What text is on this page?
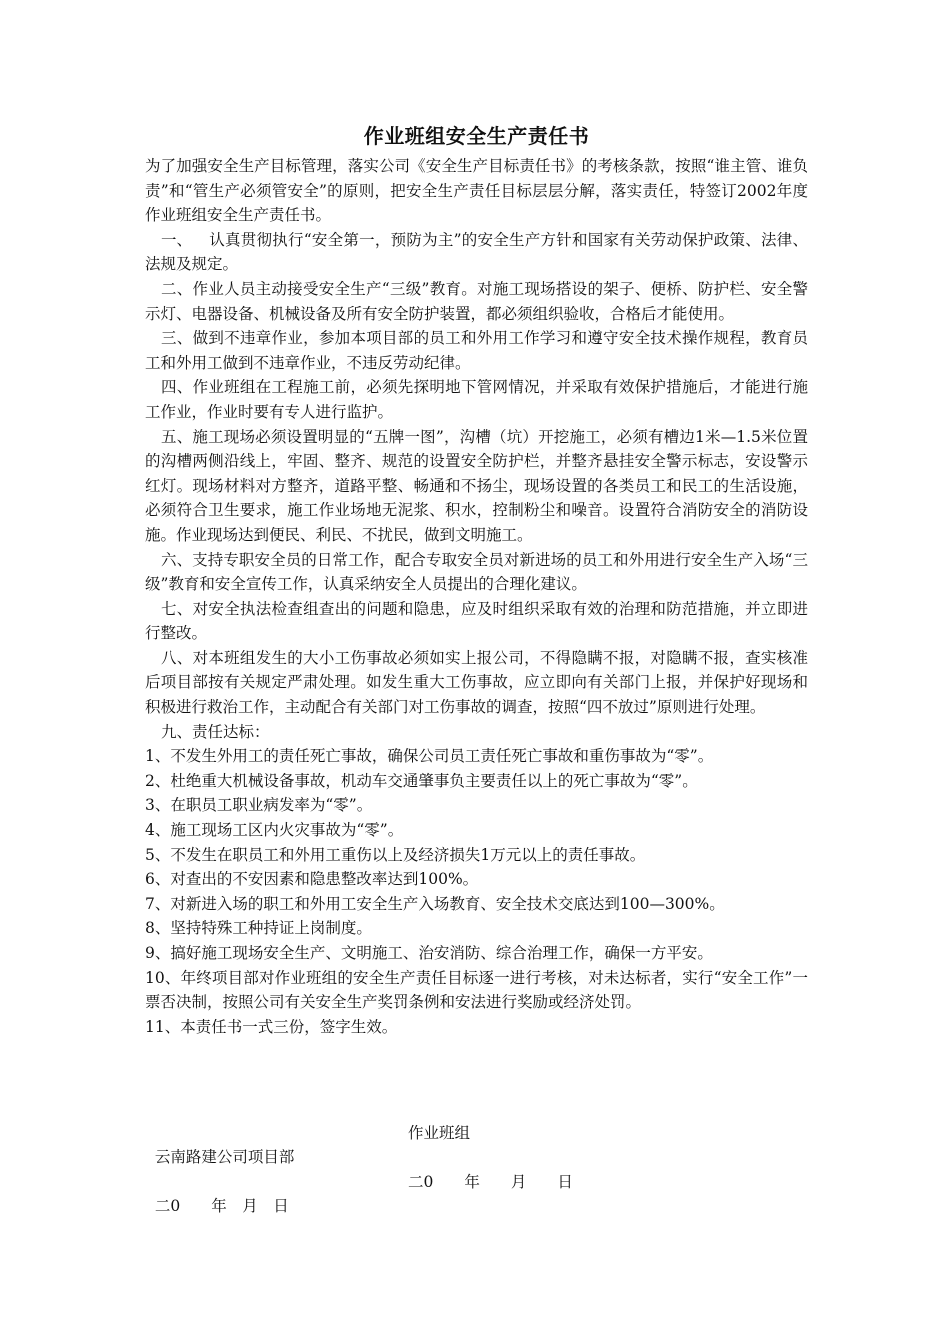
作业班组安全生产责任书

为了加强安全生产目标管理，落实公司《安全生产目标责任书》的考核条款，按照“谁主管、谁负责”和“管生产必须管安全”的原则，把安全生产责任目标层层分解，落实责任，特签订2002年度作业班组安全生产责任书。

一、 认真贯彻执行“安全第一，预防为主”的安全生产方针和国家有关劳动保护政策、法律、法规及规定。

二、作业人员主动接受安全生产“三级”教育。对施工现场搭设的架子、便桥、防护栏、安全警示灯、电器设备、机械设备及所有安全防护装置，都必须组织验收，合格后才能使用。

三、做到不违章作业，参加本项目部的员工和外用工作学习和遵守安全技术操作规程，教育员工和外用工做到不违章作业，不违反劳动纪律。

四、作业班组在工程施工前，必须先探明地下管网情况，并采取有效保护措施后，才能进行施工作业，作业时要有专人进行监护。

五、施工现场必须设置明显的“五牌一图”，沟槽（坑）开挖施工，必须有槽边1米—1.5米位置的沟槽两侧沿线上，牢固、整齐、规范的设置安全防护栏，并整齐悬挂安全警示标志，安设警示红灯。现场材料对方整齐，道路平整、畅通和不扬尘，现场设置的各类员工和民工的生活设施，必须符合卫生要求，施工作业场地无泥浆、积水，控制粉尘和噪音。设置符合消防安全的消防设施。作业现场达到便民、利民、不扰民，做到文明施工。

六、支持专职安全员的日常工作，配合专取安全员对新进场的员工和外用进行安全生产入场“三级”教育和安全宣传工作，认真采纳安全人员提出的合理化建议。

七、对安全执法检查组查出的问题和隐患，应及时组织采取有效的治理和防范措施，并立即进行整改。

八、对本班组发生的大小工伤事故必须如实上报公司，不得隐瞒不报，对隐瞒不报，查实核准后项目部按有关规定严肃处理。如发生重大工伤事故，应立即向有关部门上报，并保护好现场和积极进行救治工作，主动配合有关部门对工伤事故的调查，按照“四不放过”原则进行处理。

九、责任达标：

1、不发生外用工的责任死亡事故，确保公司员工责任死亡事故和重伤事故为“零”。
2、杜绝重大机械设备事故，机动车交通肇事负主要责任以上的死亡事故为“零”。
3、在职员工职业病发率为“零”。
4、施工现场工区内火灾事故为“零”。
5、不发生在职员工和外用工重伤以上及经济损失1万元以上的责任事故。
6、对查出的不安因素和隐患整改率达到100%。
7、对新进入场的职工和外用工安全生产入场教育、安全技术交底达到100—300%。
8、坚持特殊工种持证上岗制度。
9、搞好施工现场安全生产、文明施工、治安消防、综合治理工作，确保一方平安。
10、年终项目部对作业班组的安全生产责任目标逐一进行考核，对未达标者，实行“安全工作”一票否决制，按照公司有关安全生产奖罚条例和安法进行奖励或经济处罚。
11、本责任书一式三份，签字生效。

云南路建公司项目部

作业班组

二0　　年　月　日

二0　　年　　月　　日
